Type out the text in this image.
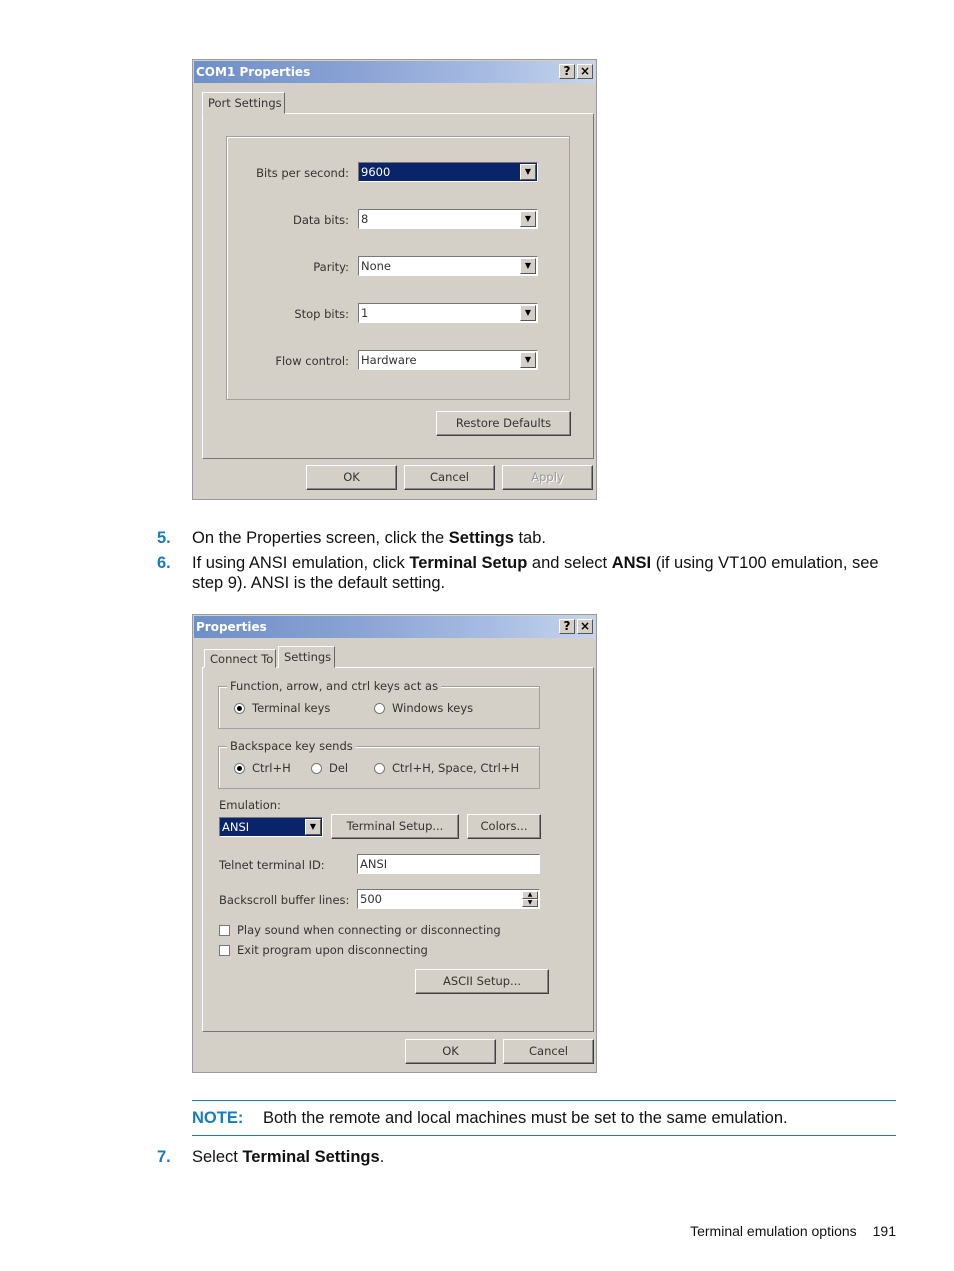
COM1 Properties	? ×
Port Settings
Bits per second: 9600	▼
Data bits: 8	▼
Parity: None	▼
Stop bits: 1	▼
Flow control: Hardware	▼
Restore Defaults
OK	Cancel	Apply
5. On the Properties screen, click the Settings tab.
6. If using ANSI emulation, click Terminal Setup and select ANSI (if using VT100 emulation, see step 9). ANSI is the default setting.
Properties	? ×
Connect To Settings
Function, arrow, and ctrl keys act as
Terminal keys	Windows keys
Backspace key sends
Ctrl+H	Del	Ctrl+H, Space, Ctrl+H
Emulation:
ANSI	▼	Terminal Setup...	Colors...
Telnet terminal ID:	ANSI
Backscroll buffer lines: 500	▲
▼
Play sound when connecting or disconnecting
Exit program upon disconnecting
ASCII Setup...
OK	Cancel
NOTE: Both the remote and local machines must be set to the same emulation.
7. Select Terminal Settings.
Terminal emulation options 191
